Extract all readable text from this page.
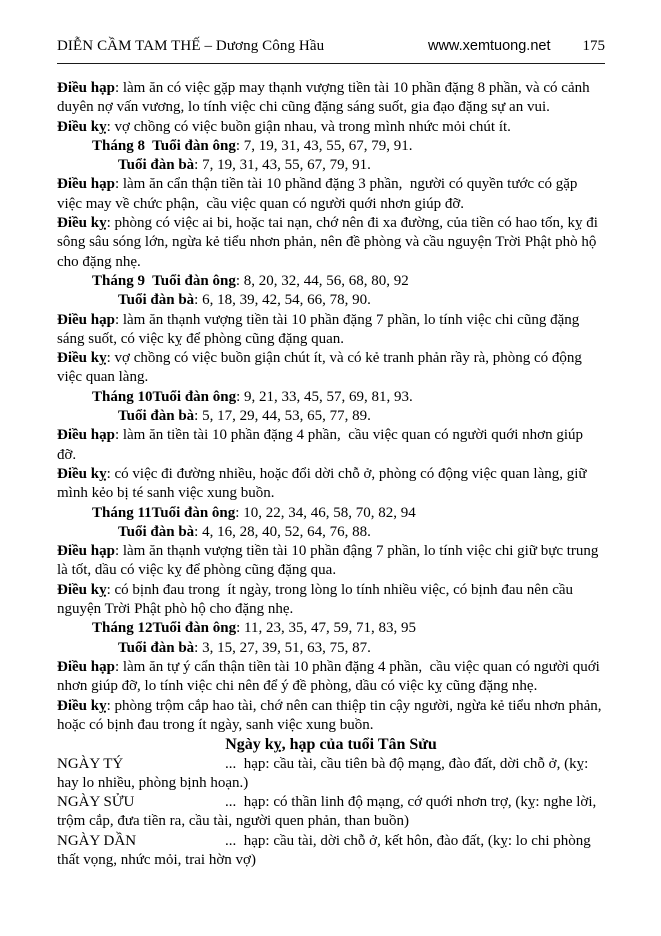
DIỄN CẦM TAM THẾ – Dương Công Hầu	www.xemtuong.net 175

Điều hạp: làm ăn có việc gặp may thạnh vượng tiền tài 10 phần đặng 8 phần, và có cảnh duyên nợ vấn vương, lo tính việc chi cũng đặng sáng suốt, gia đạo đặng sự an vui.

Điều kỵ: vợ chồng có việc buồn giận nhau, và trong mình nhức mỏi chút ít.

Tháng 8  Tuổi đàn ông: 7, 19, 31, 43, 55, 67, 79, 91.

Tuổi đàn bà: 7, 19, 31, 43, 55, 67, 79, 91.

Điều hạp: làm ăn cẩn thận tiền tài 10 phầnd đặng 3 phần,  người có quyền tước có gặp việc may về chức phận,  cầu việc quan có người quới nhơn giúp đỡ.

Điều kỵ: phòng có việc ai bi, hoặc tai nạn, chớ nên đi xa đường, của tiền có hao tốn, kỵ đi sông sâu sóng lớn, ngừa kẻ tiểu nhơn phản, nên đề phòng và cầu nguyện Trời Phật phò hộ cho đặng nhẹ.

Tháng 9  Tuổi đàn ông: 8, 20, 32, 44, 56, 68, 80, 92

Tuổi đàn bà: 6, 18, 39, 42, 54, 66, 78, 90.

Điều hạp: làm ăn thạnh vượng tiền tài 10 phần đặng 7 phần, lo tính việc chi cũng đặng sáng suốt, có việc kỵ để phòng cũng đặng quan.

Điều kỵ: vợ chồng có việc buồn giận chút ít, và có kẻ tranh phản rầy rà, phòng có động việc quan làng.

Tháng 10Tuổi đàn ông: 9, 21, 33, 45, 57, 69, 81, 93.

Tuổi đàn bà: 5, 17, 29, 44, 53, 65, 77, 89.

Điều hạp: làm ăn tiền tài 10 phần đặng 4 phần,  cầu việc quan có người quới nhơn giúp đỡ.

Điều kỵ: có việc đi đường nhiều, hoặc đổi dời chỗ ở, phòng có động việc quan làng, giữ mình kẻo bị té sanh việc xung buồn.

Tháng 11Tuổi đàn ông: 10, 22, 34, 46, 58, 70, 82, 94

Tuổi đàn bà: 4, 16, 28, 40, 52, 64, 76, 88.

Điều hạp: làm ăn thạnh vượng tiền tài 10 phần đậng 7 phần, lo tính việc chi giữ bực trung là tốt, dầu có việc kỵ để phòng cũng đặng qua.

Điều kỵ: có bịnh đau trong  ít ngày, trong lòng lo tính nhiều việc, có bịnh đau nên cầu nguyện Trời Phật phò hộ cho đặng nhẹ.

Tháng 12Tuổi đàn ông: 11, 23, 35, 47, 59, 71, 83, 95

Tuổi đàn bà: 3, 15, 27, 39, 51, 63, 75, 87.

Điều hạp: làm ăn tự ý cẩn thận tiền tài 10 phần đặng 4 phần,  cầu việc quan có người quới nhơn giúp đỡ, lo tính việc chi nên để ý đề phòng, dầu có việc kỵ cũng đặng nhẹ.

Điều kỵ: phòng trộm cắp hao tài, chớ nên can thiệp tin cậy người, ngừa kẻ tiểu nhơn phản, hoặc có bịnh đau trong ít ngày, sanh việc xung buồn.

Ngày kỵ, hạp của tuổi Tân Sửu

NGÀY TÝ	...  hạp: cầu tài, cầu tiên bà độ mạng, đào đất, dời chỗ ở, (kỵ: hay lo nhiều, phòng bịnh hoạn.)

NGÀY SỬU	...  hạp: có thần linh độ mạng, cớ quới nhơn trợ, (kỵ: nghe lời, trộm cắp, đưa tiền ra, cầu tài, người quen phản, than buồn)

NGÀY DẦN	...  hạp: cầu tài, dời chỗ ở, kết hôn, đào đất, (kỵ: lo chi phòng thất vọng, nhức mỏi, trai hờn vợ)
